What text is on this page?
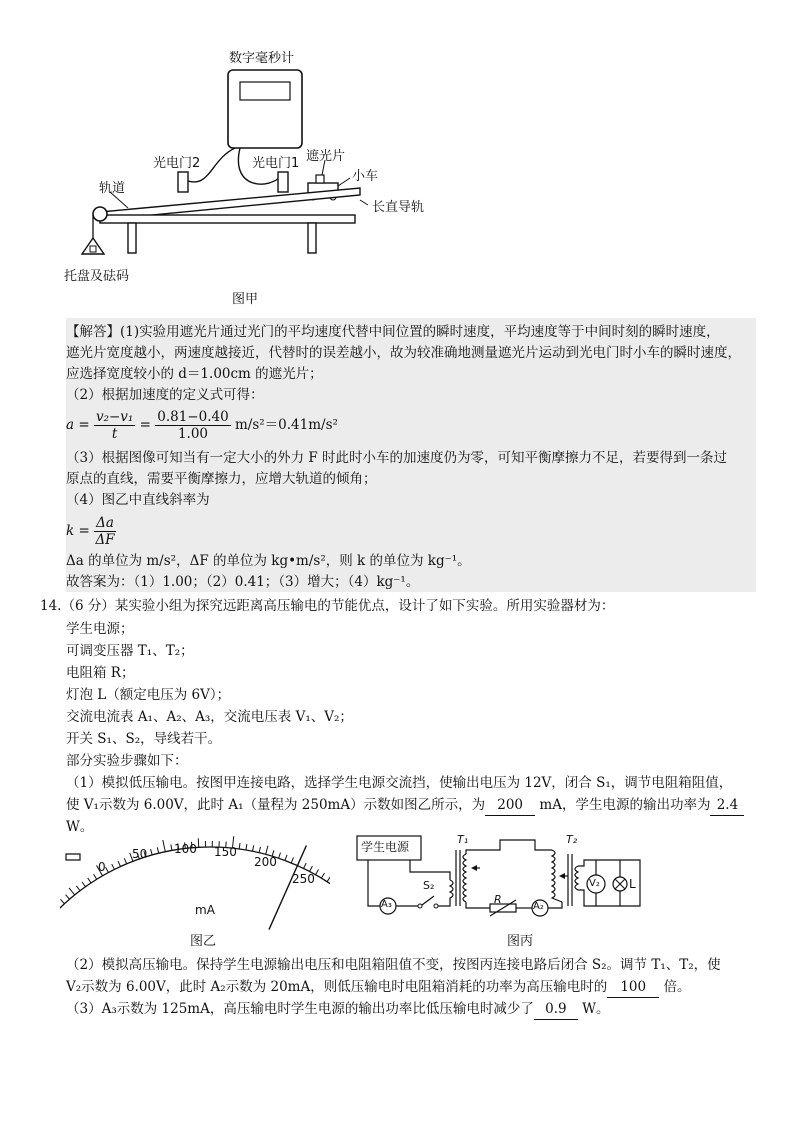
数字毫秒计
光电门2	光电门1 遮光片
小车
轨道
长直导轨
托盘及砝码
图甲
【解答】(1)实验用遮光片通过光门的平均速度代替中间位置的瞬时速度，平均速度等于中间时刻的瞬时速度，
遮光片宽度越小，两速度越接近，代替时的误差越小，故为较准确地测量遮光片运动到光电门时小车的瞬时速度，
应选择宽度较小的 d＝1.00cm 的遮光片；
（2）根据加速度的定义式可得：
$a = \frac{\text{v₂−v₁}}{t} = \frac{0.81-0.40}{1.00} m/s^2=0.41m/s^2$
（3）根据图像可知当有一定大小的外力 F 时此时小车的加速度仍为零，可知平衡摩擦力不足，若要得到一条过
原点的直线，需要平衡摩擦力，应增大轨道的倾角；
（4）图乙中直线斜率为
$k = \frac{\Delta a}{\Delta F}$
Δa 的单位为 m/s²，ΔF 的单位为 kg•m/s²，则 k 的单位为 kg⁻¹。
故答案为：（1）1.00；（2）0.41；（3）增大；（4）kg⁻¹。
14.（6 分）某实验小组为探究远距离高压输电的节能优点，设计了如下实验。所用实验器材为：
学生电源；
可调变压器 T₁、T₂；
电阻箱 R；
灯泡 L（额定电压为 6V）；
交流电流表 A₁、A₂、A₃，交流电压表 V₁、V₂；
开关 S₁、S₂，导线若干。
部分实验步骤如下：
（1）模拟低压输电。按图甲连接电路，选择学生电源交流挡，使输出电压为 12V，闭合 S₁，调节电阻箱阻值，
使 V₁示数为 6.00V，此时 A₁（量程为 250mA）示数如图乙所示，为 200 mA，学生电源的输出功率为 2.4
W。
0
50 100 150
200
250
mA
图乙
学生电源
T₁	T₂
S₂
A₃	R
A₂
V₂ L
图丙
（2）模拟高压输电。保持学生电源输出电压和电阻箱阻值不变，按图丙连接电路后闭合 S₂。调节 T₁、T₂，使
V₂示数为 6.00V，此时 A₂示数为 20mA，则低压输电时电阻箱消耗的功率为高压输电时的 100 倍。
（3）A₃示数为 125mA，高压输电时学生电源的输出功率比低压输电时减少了 0.9 W。
